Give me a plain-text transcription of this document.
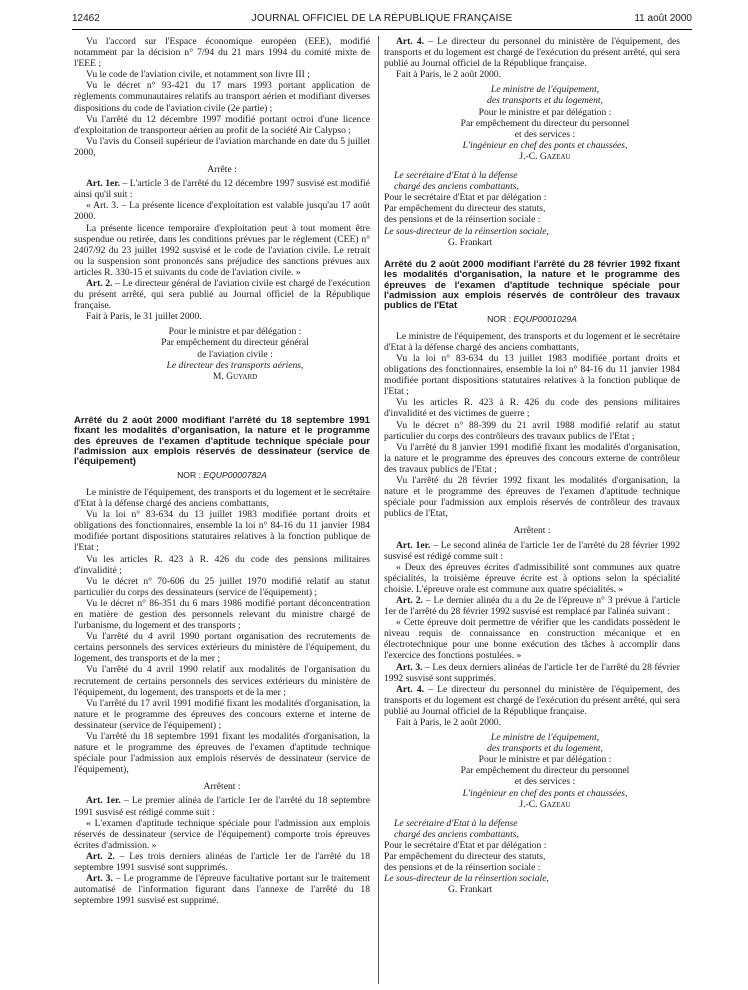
12462	JOURNAL OFFICIEL DE LA RÉPUBLIQUE FRANÇAISE	11 août 2000

Vu l'accord sur l'Espace économique européen (EEE), modifié notamment par la décision n° 7/94 du 21 mars 1994 du comité mixte de l'EEE ;

Vu le code de l'aviation civile, et notamment son livre III ;

Vu le décret n° 93-421 du 17 mars 1993 portant application de règlements communautaires relatifs au transport aérien et modifiant diverses dispositions du code de l'aviation civile (2e partie) ;

Vu l'arrêté du 12 décembre 1997 modifié portant octroi d'une licence d'exploitation de transporteur aérien au profit de la société Air Calypso ;

Vu l'avis du Conseil supérieur de l'aviation marchande en date du 5 juillet 2000,

Arrête :

Art. 1er. – L'article 3 de l'arrêté du 12 décembre 1997 susvisé est modifié ainsi qu'il suit :

« Art. 3. – La présente licence d'exploitation est valable jusqu'au 17 août 2000.

La présente licence temporaire d'exploitation peut à tout moment être suspendue ou retirée, dans les conditions prévues par le règlement (CEE) n° 2407/92 du 23 juillet 1992 susvisé et le code de l'aviation civile. Le retrait ou la suspension sont prononcés sans préjudice des sanctions prévues aux articles R. 330-15 et suivants du code de l'aviation civile. »

Art. 2. – Le directeur général de l'aviation civile est chargé de l'exécution du présent arrêté, qui sera publié au Journal officiel de la République française.

Fait à Paris, le 31 juillet 2000.

Pour le ministre et par délégation :
Par empêchement du directeur général
de l'aviation civile :
Le directeur des transports aériens,
M. Guyard
Arrêté du 2 août 2000 modifiant l'arrêté du 18 septembre 1991 fixant les modalités d'organisation, la nature et le programme des épreuves de l'examen d'aptitude technique spéciale pour l'admission aux emplois réservés de dessinateur (service de l'équipement)
NOR : EQUP0000782A

Le ministre de l'équipement, des transports et du logement et le secrétaire d'Etat à la défense chargé des anciens combattants,

Vu la loi n° 83-634 du 13 juillet 1983 modifiée portant droits et obligations des fonctionnaires, ensemble la loi n° 84-16 du 11 janvier 1984 modifiée portant dispositions statutaires relatives à la fonction publique de l'Etat ;

Vu les articles R. 423 à R. 426 du code des pensions militaires d'invalidité ;

Vu le décret n° 70-606 du 25 juillet 1970 modifié relatif au statut particulier du corps des dessinateurs (service de l'équipement) ;

Vu le décret n° 86-351 du 6 mars 1986 modifié portant déconcentration en matière de gestion des personnels relevant du ministre chargé de l'urbanisme, du logement et des transports ;

Vu l'arrêté du 4 avril 1990 portant organisation des recrutements de certains personnels des services extérieurs du ministère de l'équipement, du logement, des transports et de la mer ;

Vu l'arrêté du 4 avril 1990 relatif aux modalités de l'organisation du recrutement de certains personnels des services extérieurs du ministère de l'équipement, du logement, des transports et de la mer ;

Vu l'arrêté du 17 avril 1991 modifié fixant les modalités d'organisation, la nature et le programme des épreuves des concours externe et interne de dessinateur (service de l'équipement) ;

Vu l'arrêté du 18 septembre 1991 fixant les modalités d'organisation, la nature et le programme des épreuves de l'examen d'aptitude technique spéciale pour l'admission aux emplois réservés de dessinateur (service de l'équipement),

Arrêtent :

Art. 1er. – Le premier alinéa de l'article 1er de l'arrêté du 18 septembre 1991 susvisé est rédigé comme suit :

« L'examen d'aptitude technique spéciale pour l'admission aux emplois réservés de dessinateur (service de l'équipement) comporte trois épreuves écrites d'admission. »

Art. 2. – Les trois derniers alinéas de l'article 1er de l'arrêté du 18 septembre 1991 susvisé sont supprimés.

Art. 3. – Le programme de l'épreuve facultative portant sur le traitement automatisé de l'information figurant dans l'annexe de l'arrêté du 18 septembre 1991 susvisé est supprimé.

Art. 4. – Le directeur du personnel du ministère de l'équipement, des transports et du logement est chargé de l'exécution du présent arrêté, qui sera publié au Journal officiel de la République française.

Fait à Paris, le 2 août 2000.

Le ministre de l'équipement,
des transports et du logement,
Pour le ministre et par délégation :
Par empêchement du directeur du personnel
et des services :
L'ingénieur en chef des ponts et chaussées,
J.-C. Gazeau
Le secrétaire d'Etat à la défense
chargé des anciens combattants,
Pour le secrétaire d'Etat et par délégation :
Par empêchement du directeur des statuts,
des pensions et de la réinsertion sociale :
Le sous-directeur de la réinsertion sociale,
G. Frankart
Arrêté du 2 août 2000 modifiant l'arrêté du 28 février 1992 fixant les modalités d'organisation, la nature et le programme des épreuves de l'examen d'aptitude technique spéciale pour l'admission aux emplois réservés de contrôleur des travaux publics de l'Etat
NOR : EQUP0001029A

Le ministre de l'équipement, des transports et du logement et le secrétaire d'Etat à la défense chargé des anciens combattants,

Vu la loi n° 83-634 du 13 juillet 1983 modifiée portant droits et obligations des fonctionnaires, ensemble la loi n° 84-16 du 11 janvier 1984 modifiée portant dispositions statutaires relatives à la fonction publique de l'Etat ;

Vu les articles R. 423 à R. 426 du code des pensions militaires d'invalidité et des victimes de guerre ;

Vu le décret n° 88-399 du 21 avril 1988 modifié relatif au statut particulier du corps des contrôleurs des travaux publics de l'Etat ;

Vu l'arrêté du 8 janvier 1991 modifié fixant les modalités d'organisation, la nature et le programme des épreuves des concours externe de contrôleur des travaux publics de l'Etat ;

Vu l'arrêté du 28 février 1992 fixant les modalités d'organisation, la nature et le programme des épreuves de l'examen d'aptitude technique spéciale pour l'admission aux emplois réservés de contrôleur des travaux publics de l'Etat,

Arrêtent :

Art. 1er. – Le second alinéa de l'article 1er de l'arrêté du 28 février 1992 susvisé est rédigé comme suit :

« Deux des épreuves écrites d'admissibilité sont communes aux quatre spécialités, la troisième épreuve écrite est à options selon la spécialité choisie. L'épreuve orale est commune aux quatre spécialités. »

Art. 2. – Le dernier alinéa du a du 2e de l'épreuve n° 3 prévue à l'article 1er de l'arrêté du 28 février 1992 susvisé est remplacé par l'alinéa suivant :

« Cette épreuve doit permettre de vérifier que les candidats possèdent le niveau requis de connaissance en construction mécanique et en électrotechnique pour une bonne exécution des tâches à accomplir dans l'exercice des fonctions postulées. »

Art. 3. – Les deux derniers alinéas de l'article 1er de l'arrêté du 28 février 1992 susvisé sont supprimés.

Art. 4. – Le directeur du personnel du ministère de l'équipement, des transports et du logement est chargé de l'exécution du présent arrêté, qui sera publié au Journal officiel de la République française.

Fait à Paris, le 2 août 2000.

Le ministre de l'équipement,
des transports et du logement,
Pour le ministre et par délégation :
Par empêchement du directeur du personnel
et des services :
L'ingénieur en chef des ponts et chaussées,
J.-C. Gazeau
Le secrétaire d'Etat à la défense
chargé des anciens combattants,
Pour le secrétaire d'Etat et par délégation :
Par empêchement du directeur des statuts,
des pensions et de la réinsertion sociale :
Le sous-directeur de la réinsertion sociale,
G. Frankart
